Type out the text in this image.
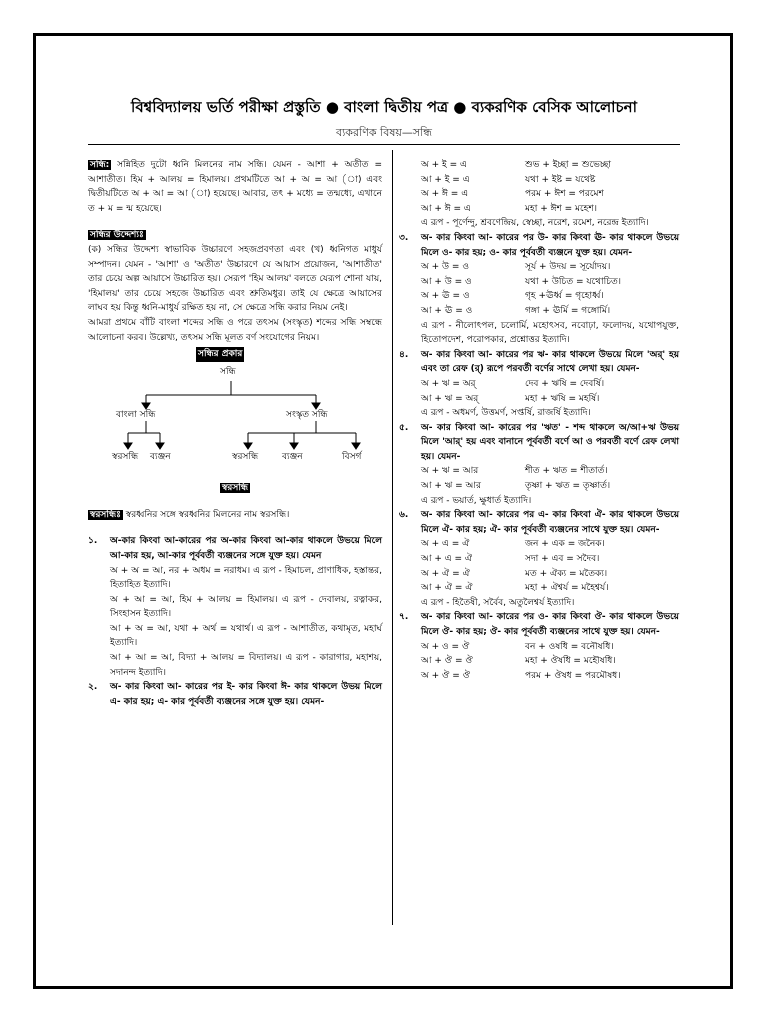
বিশ্ববিদ্যালয় ভর্তি পরীক্ষা প্রস্তুতি ● বাংলা দ্বিতীয় পত্র ● ব্যকরণিক বেসিক আলোচনা
ব্যকরণিক বিষয়—সন্ধি

সন্ধি: সন্নিহিত দুটো ধ্বনি মিলনের নাম সন্ধি। যেমন - আশা + অতীত = আশাতীত। হিম + আলয় = হিমালয়। প্রথমটিতে আ + অ = আ (া) এবং দ্বিতীয়টিতে অ + আ = আ (া) হয়েছে। আবার, তৎ + মধ্যে = তন্মধ্যে, এখানে ত + ম = ন্ম হয়েছে।

সন্ধির উদ্দেশ্যঃ

(ক) সন্ধির উদ্দেশ্য স্বাভাবিক উচ্চারণে সহজপ্রবণতা এবং (খ) ধ্বনিগত মাধুর্য সম্পাদন। যেমন - 'আশা' ও 'অতীত' উচ্চারণে যে আয়াস প্রয়োজন, 'আশাতীত' তার চেয়ে অল্প আয়াসে উচ্চারিত হয়। সেরূপ 'হিম আলয়' বলতে যেরূপ শোনা যায়, 'হিমালয়' তার চেয়ে সহজে উচ্চারিত এবং শ্রুতিমধুর। তাই যে ক্ষেত্রে আয়াসের লাঘব হয় কিন্তু ধ্বনি-মাধুর্য রক্ষিত হয় না, সে ক্ষেত্রে সন্ধি করার নিয়ম নেই।

আমরা প্রথমে বাঁটি বাংলা শব্দের সন্ধি ও পরে তৎসম (সংস্কৃত) শব্দের সন্ধি সম্বন্ধে আলোচনা করব। উল্লেখ্য, তৎসম সন্ধি মূলত বর্ণ সংযোগের নিয়ম।

সন্ধির প্রকার
সন্ধি
বাংলা সন্ধি	সংস্কৃত সন্ধি
স্বরসন্ধি ব্যঞ্জন	স্বরসন্ধি	ব্যঞ্জন	বিসর্গ
স্বরসন্ধি

স্বরসন্ধিঃ স্বরধ্বনির সঙ্গে স্বরধ্বনির মিলনের নাম স্বরসন্ধি।

১.	অ-কার কিংবা আ-কারের পর অ-কার কিংবা আ-কার থাকলে উভয়ে মিলে আ-কার হয়, আ-কার পূর্ববর্তী ব্যঞ্জনের সঙ্গে যুক্ত হয়। যেমন

অ + অ = আ, নর + অধম = নরাধম। এ রূপ - হিমাচল, প্রাণাধিক, হস্তান্তর, হিতাহিত ইত্যাদি।

অ + আ = আ, হিম + আলয় = হিমালয়। এ রূপ - দেবালয়, রত্নাকর, সিংহাসন ইত্যাদি।

আ + অ = আ, যথা + অর্থ = যথার্থ। এ রূপ - আশাতীত, কথামৃত, মহার্ঘ ইত্যাদি।

আ + আ = আ, বিদ্যা + আলয় = বিদ্যালয়। এ রূপ - কারাগার, মহাশয়, সদানন্দ ইত্যাদি।

২.	অ- কার কিংবা আ- কারের পর ই- কার কিংবা ঈ- কার থাকলে উভয় মিলে এ- কার হয়; এ- কার পূর্ববর্তী ব্যঞ্জনের সঙ্গে যুক্ত হয়। যেমন-
অ + ই = এ	শুভ + ইচ্ছা = শুভেচ্ছা
আ + ই = এ	যথা + ইষ্ট = যথেষ্ট
অ + ঈ = এ	পরম + ঈশ = পরমেশ
আ + ঈ = এ	মহা + ঈশ = মহেশ।

এ রূপ - পূর্ণেন্দু, শ্রবণেন্দ্রিয়, স্বেচ্ছা, নরেশ, রমেশ, নরেন্দ্র ইত্যাদি।

৩.	অ- কার কিংবা আ- কারের পর উ- কার কিংবা ঊ- কার থাকলে উভয়ে মিলে ও- কার হয়; ও- কার পূর্ববর্তী ব্যঞ্জনে যুক্ত হয়। যেমন-
অ + উ = ও	সূর্য + উদয় = সূর্যোদয়।
আ + উ = ও	যথা + উচিত = যথোচিত।
অ + ঊ = ও	গৃহ +ঊর্ধ্ব = গৃহোর্ধ্ব।
আ + ঊ = ও	গঙ্গা + ঊর্মি = গঙ্গোর্মি।

এ রূপ - নীলোৎপল, চলোর্মি, মহোৎসব, নবোঢ়া, ফলোদয়, যথোপযুক্ত, হিতোপদেশ, পরোপকার, প্রশ্নোত্তর ইত্যাদি।

৪.	অ- কার কিংবা আ- কারের পর ঋ- কার থাকলে উভয়ে মিলে 'অর্' হয় এবং তা রেফ (র্) রূপে পরবর্তী বর্ণের সাথে লেখা হয়। যেমন-
অ + ঋ = অর্	দেব + ঋষি = দেবর্ষি।
আ + ঋ = অর্	মহা + ঋষি = মহর্ষি।

এ রূপ - অধমর্ণ, উত্তমর্ণ, সপ্তর্ষি, রাজর্ষি ইত্যাদি।

৫.	অ- কার কিংবা আ- কারের পর 'ঋত' - শব্দ থাকলে অ/আ+ঋ উভয় মিলে 'আর্' হয় এবং বানানে পূর্ববর্তী বর্ণে আ ও পরবর্তী বর্ণে রেফ লেখা হয়। যেমন-
অ + ঋ = আর	শীত + ঋত = শীতার্ত।
আ + ঋ = আর	তৃষ্ণা + ঋত = তৃষ্ণার্ত।

এ রূপ - ভয়ার্ত, ক্ষুধার্ত ইত্যাদি।

৬.	অ- কার কিংবা আ- কারের পর এ- কার কিংবা ঐ- কার থাকলে উভয়ে মিলে ঐ- কার হয়; ঐ- কার পূর্ববর্তী ব্যঞ্জনের সাথে যুক্ত হয়। যেমন-
অ + এ = ঐ	জন + এক = জনৈক।
আ + এ = ঐ	সদা + এব = সদৈব।
অ + ঐ = ঐ	মত + ঐক্য = মতৈক্য।
আ + ঐ = ঐ	মহা + ঐশ্বর্য = মহৈশ্বর্য।

এ রূপ - হিতৈষী, সর্বৈব, অতুলৈশ্বর্য ইত্যাদি।

৭.	অ- কার কিংবা আ- কারের পর ও- কার কিংবা ঔ- কার থাকলে উভয়ে মিলে ঔ- কার হয়; ঔ- কার পূর্ববর্তী ব্যঞ্জনের সাথে যুক্ত হয়। যেমন-
অ + ও = ঔ	বন + ওষধি = বনৌষধি।
আ + ঔ = ঔ	মহা + ঔষধি = মহৌষধি।
অ + ঔ = ঔ	পরম + ঔষধ = পরমৌষধ।
